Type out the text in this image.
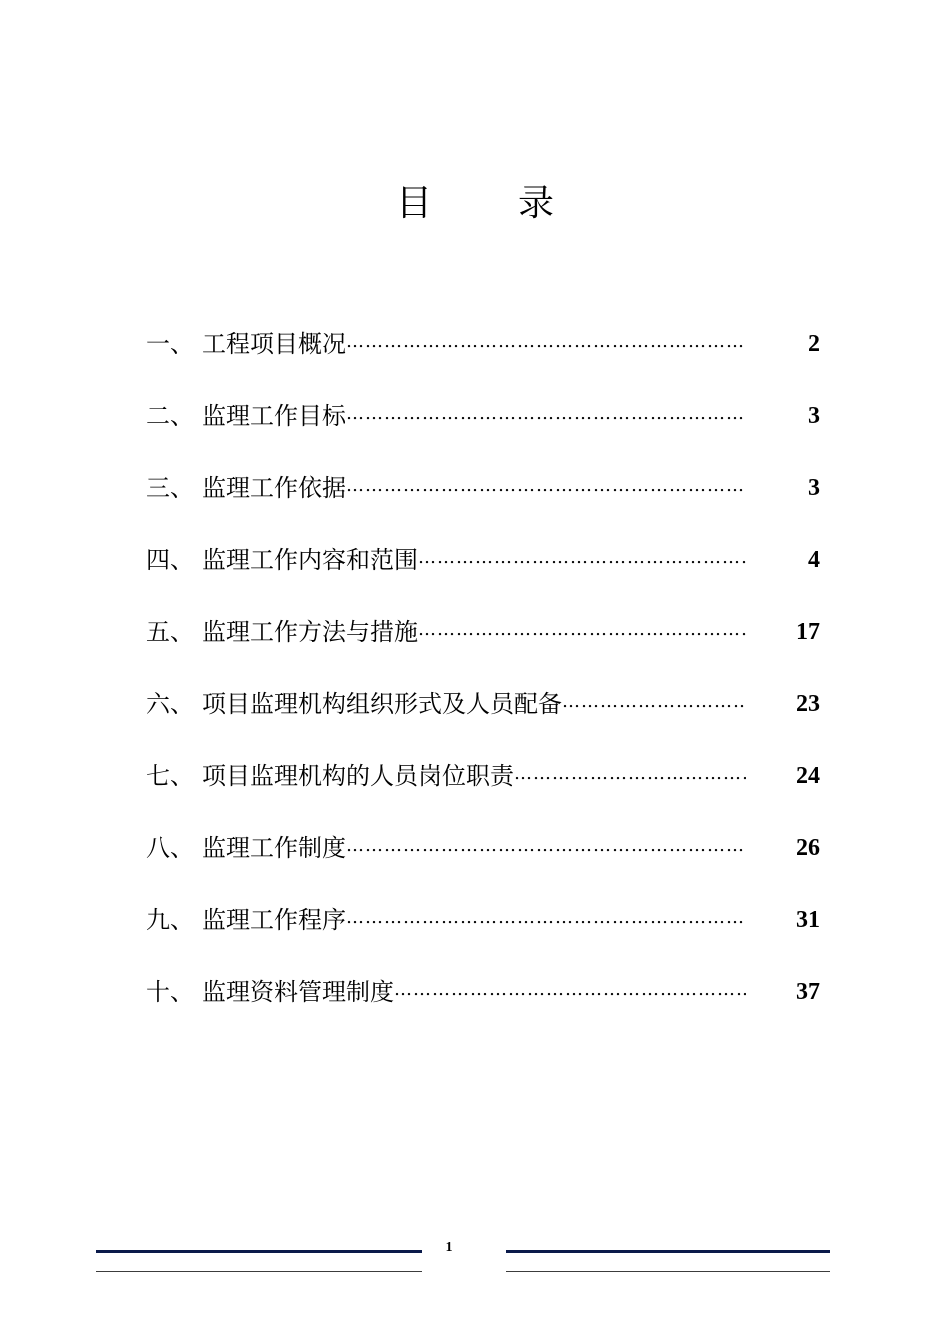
目 录
一、 工程项目概况 ………………………………………………………………………………………………………………………………	2
二、 监理工作目标 ………………………………………………………………………………………………………………………………	3
三、 监理工作依据 ………………………………………………………………………………………………………………………………	3
四、 监理工作内容和范围 ………………………………………………………………………………………………………………………………	4
五、 监理工作方法与措施 ………………………………………………………………………………………………………………………………	17
六、 项目监理机构组织形式及人员配备 ………………………………………………………………………………………………………………………………	23
七、 项目监理机构的人员岗位职责 ………………………………………………………………………………………………………………………………	24
八、 监理工作制度 ………………………………………………………………………………………………………………………………	26
九、 监理工作程序 ………………………………………………………………………………………………………………………………	31
十、 监理资料管理制度 ………………………………………………………………………………………………………………………………	37
1
